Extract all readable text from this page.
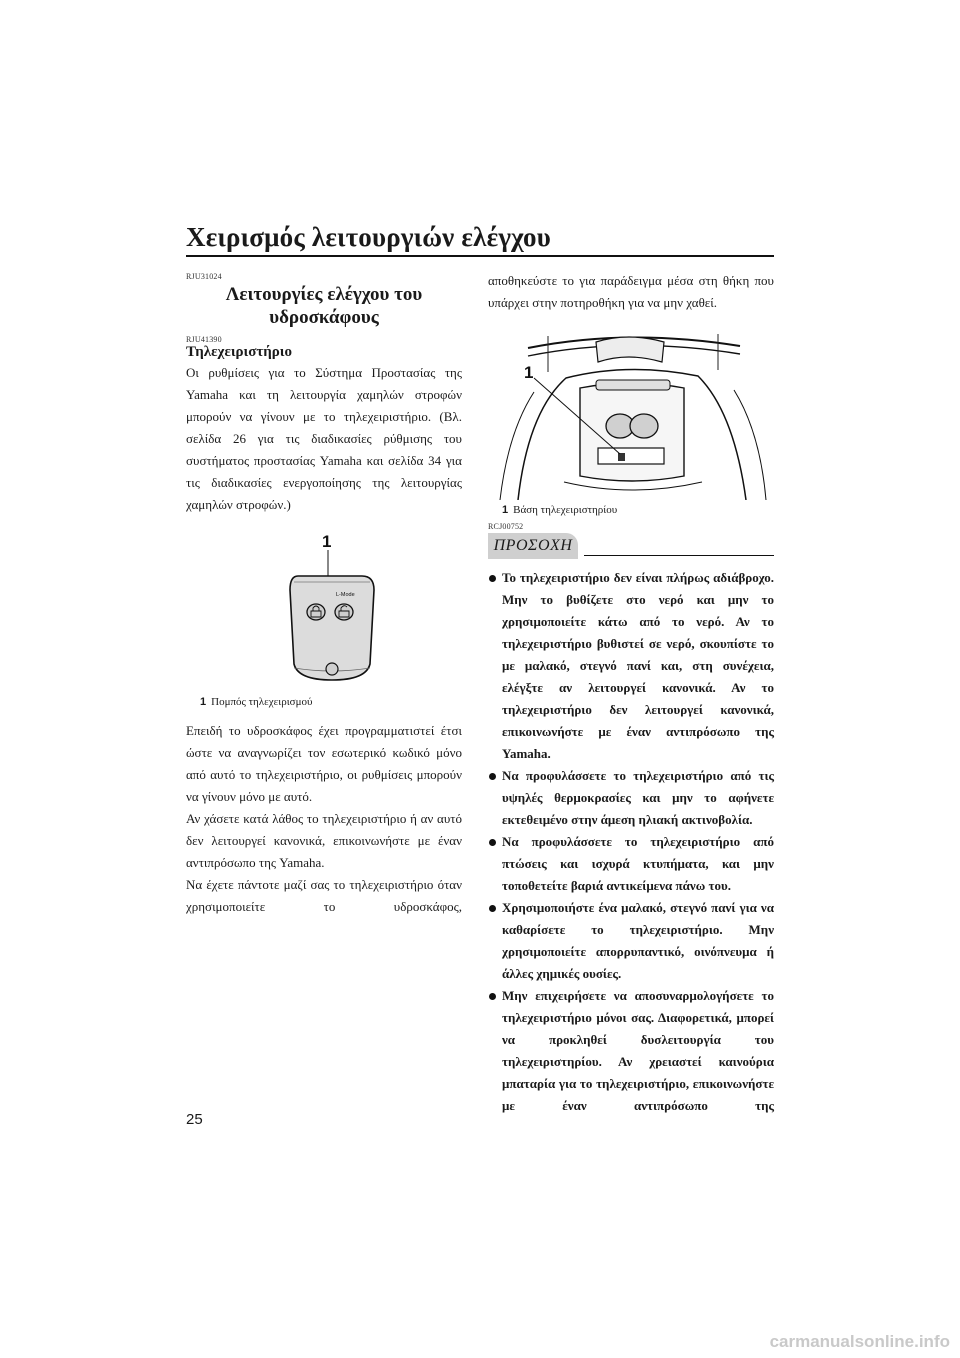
Χειρισμός λειτουργιών ελέγχου
RJU31024
Λειτουργίες ελέγχου του
υδροσκάφους
RJU41390
Τηλεχειριστήριο

Οι ρυθμίσεις για το Σύστημα Προστασίας της Yamaha και τη λειτουργία χαμηλών στροφών μπορούν να γίνουν με το τηλεχειριστήριο. (Βλ. σελίδα 26 για τις διαδικασίες ρύθμισης του συστήματος προστασίας Yamaha και σελίδα 34 για τις διαδικασίες ενεργοποίησης της λειτουργίας χαμηλών στροφών.)

1
L-Mode
1 Πομπός τηλεχειρισμού

Επειδή το υδροσκάφος έχει προγραμματιστεί έτσι ώστε να αναγνωρίζει τον εσωτερικό κωδικό μόνο από αυτό το τηλεχειριστήριο, οι ρυθμίσεις μπορούν να γίνουν μόνο με αυτό.

Αν χάσετε κατά λάθος το τηλεχειριστήριο ή αν αυτό δεν λειτουργεί κανονικά, επικοινωνήστε με έναν αντιπρόσωπο της Yamaha.

Να έχετε πάντοτε μαζί σας το τηλεχειριστήριο όταν χρησιμοποιείτε το υδροσκάφος,

αποθηκεύστε το για παράδειγμα μέσα στη θήκη που υπάρχει στην ποτηροθήκη για να μην χαθεί.

1
1 Βάση τηλεχειριστηρίου
RCJ00752
ΠΡΟΣΟΧΗ
Το τηλεχειριστήριο δεν είναι πλήρως αδιάβροχο. Μην το βυθίζετε στο νερό και μην το χρησιμοποιείτε κάτω από το νερό. Αν το τηλεχειριστήριο βυθιστεί σε νερό, σκουπίστε το με μαλακό, στεγνό πανί και, στη συνέχεια, ελέγξτε αν λειτουργεί κανονικά. Αν το τηλεχειριστήριο δεν λειτουργεί κανονικά, επικοινωνήστε με έναν αντιπρόσωπο της Yamaha.
Να προφυλάσσετε το τηλεχειριστήριο από τις υψηλές θερμοκρασίες και μην το αφήνετε εκτεθειμένο στην άμεση ηλιακή ακτινοβολία.
Να προφυλάσσετε το τηλεχειριστήριο από πτώσεις και ισχυρά κτυπήματα, και μην τοποθετείτε βαριά αντικείμενα πάνω του.
Χρησιμοποιήστε ένα μαλακό, στεγνό πανί για να καθαρίσετε το τηλεχειριστήριο. Μην χρησιμοποιείτε απορρυπαντικό, οινόπνευμα ή άλλες χημικές ουσίες.
Μην επιχειρήσετε να αποσυναρμολογήσετε το τηλεχειριστήριο μόνοι σας. Διαφορετικά, μπορεί να προκληθεί δυσλειτουργία του τηλεχειριστηρίου. Αν χρειαστεί καινούρια μπαταρία για το τηλεχειριστήριο, επικοινωνήστε με έναν αντιπρόσωπο της
25
carmanualsonline.info
